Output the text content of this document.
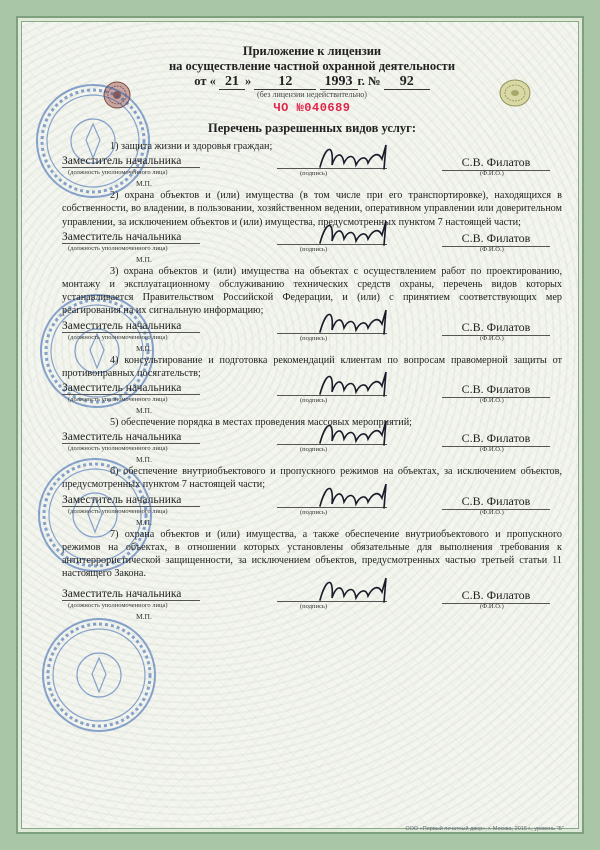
Приложение к лицензии
на осуществление частной охранной деятельности
от « 21 » 12 1993 г. № 92
(без лицензии недействительно)
ЧО №040689
Перечень разрешенных видов услуг:

1) защита жизни и здоровья граждан;

Заместитель начальника
(должность уполномоченного лица)	(подпись)
С.В. Филатов
(Ф.И.О.)
М.П.

2) охрана объектов и (или) имущества (в том числе при его транспортировке), находящихся в собственности, во владении, в пользовании, хозяйственном ведении, оперативном управлении или доверительном управлении, за исключением объектов и (или) имущества, предусмотренных пунктом 7 настоящей части;

Заместитель начальника
(должность уполномоченного лица)	(подпись)
С.В. Филатов
(Ф.И.О.)
М.П.

3) охрана объектов и (или) имущества на объектах с осуществлением работ по проектированию, монтажу и эксплуатационному обслуживанию технических средств охраны, перечень видов которых устанавливается Правительством Российской Федерации, и (или) с принятием соответствующих мер реагирования на их сигнальную информацию;

Заместитель начальника
(должность уполномоченного лица)	(подпись)
С.В. Филатов
(Ф.И.О.)
М.П.

4) консультирование и подготовка рекомендаций клиентам по вопросам правомерной защиты от противоправных посягательств;

Заместитель начальника
(должность уполномоченного лица)	(подпись)
С.В. Филатов
(Ф.И.О.)
М.П.

5) обеспечение порядка в местах проведения массовых мероприятий;

Заместитель начальника
(должность уполномоченного лица)	(подпись)
С.В. Филатов
(Ф.И.О.)
М.П.

6) обеспечение внутриобъектового и пропускного режимов на объектах, за исключением объектов, предусмотренных пунктом 7 настоящей части;

Заместитель начальника
(должность уполномоченного лица)	(подпись)
С.В. Филатов
(Ф.И.О.)
М.П.

7) охрана объектов и (или) имущества, а также обеспечение внутриобъектового и пропускного режимов на объектах, в отношении которых установлены обязательные для выполнения требования к антитеррористической защищенности, за исключением объектов, предусмотренных частью третьей статьи 11 настоящего Закона.

Заместитель начальника
(должность уполномоченного лица)	(подпись)
С.В. Филатов
(Ф.И.О.)
М.П.
ООО «Первый печатный двор», г. Москва, 2015 г., уровень "Б"
